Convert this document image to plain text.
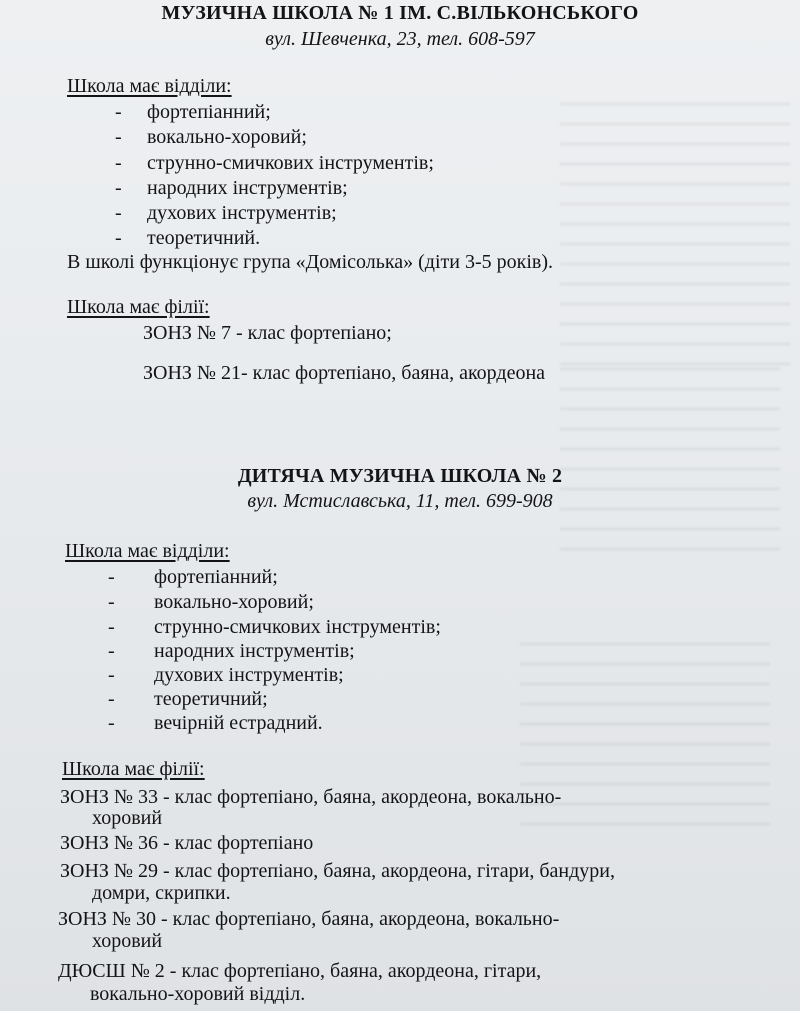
МУЗИЧНА ШКОЛА № 1 ІМ. С.ВІЛЬКОНСЬКОГО
вул. Шевченка, 23, тел. 608-597
Школа має відділи:
- фортепіанний;
- вокально-хоровий;
- струнно-смичкових інструментів;
- народних інструментів;
- духових інструментів;
- теоретичний.
В школі функціонує група «Домісолька» (діти 3-5 років).
Школа має філії:
ЗОНЗ № 7 - клас фортепіано;
ЗОНЗ № 21- клас фортепіано, баяна, акордеона
ДИТЯЧА МУЗИЧНА ШКОЛА № 2
вул. Мстиславська, 11, тел. 699-908
Школа має відділи:
- фортепіанний;
- вокально-хоровий;
- струнно-смичкових інструментів;
- народних інструментів;
- духових інструментів;
- теоретичний;
- вечірній естрадний.
Школа має філії:
ЗОНЗ № 33 - клас фортепіано, баяна, акордеона, вокально-
хоровий
ЗОНЗ № 36 - клас фортепіано
ЗОНЗ № 29 - клас фортепіано, баяна, акордеона, гітари, бандури,
домри, скрипки.
ЗОНЗ № 30 - клас фортепіано, баяна, акордеона, вокально-
хоровий
ДЮСШ № 2 - клас фортепіано, баяна, акордеона, гітари,
вокально-хоровий відділ.
